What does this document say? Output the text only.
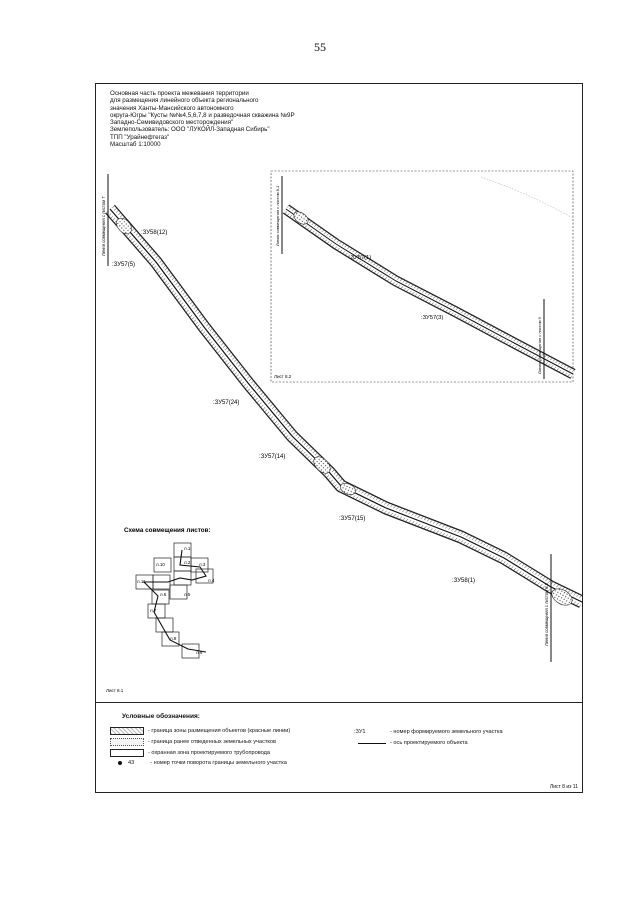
55
Основная часть проекта межевания территории
для размещения линейного объекта регионального
значения Ханты-Мансийского автономного
округа-Югры "Кусты №№4,5,6,7,8 и разведочная скважина №9Р
Западно-Семивидовского месторождения"
Землепользователь: ООО "ЛУКОЙЛ-Западная Сибирь"
ТПП "Урайнефтегаз"
Масштаб 1:10000
Линия совмещения с листом 7
Линия совмещения с листом 8.2
:ЗУ58(12)
:ЗУ57(5)
:ЗУ57(24)
:ЗУ57(14)
:ЗУ57(15)
:ЗУ58(1)
Линия совмещения с листом 8.1
Линия совмещения с листом 9
:ЗУ57(1)
:ЗУ57(3)
Лист 8.2
Схема совмещения листов:
л.1
л.2 л.3
л.4
л.5
л.6
л.7
л.8
л.9
л.10
л.11
Лист 8.1
Условные обозначения:
- граница зоны размещения объектов (красные линии)
- граница ранее отведенных земельных участков
- охранная зона проектируемого трубопровода
43	- номер точки поворота границы земельного участка
:ЗУ1	- номер формируемого земельного участка
- ось проектируемого объекта
Лист 8 из 11
